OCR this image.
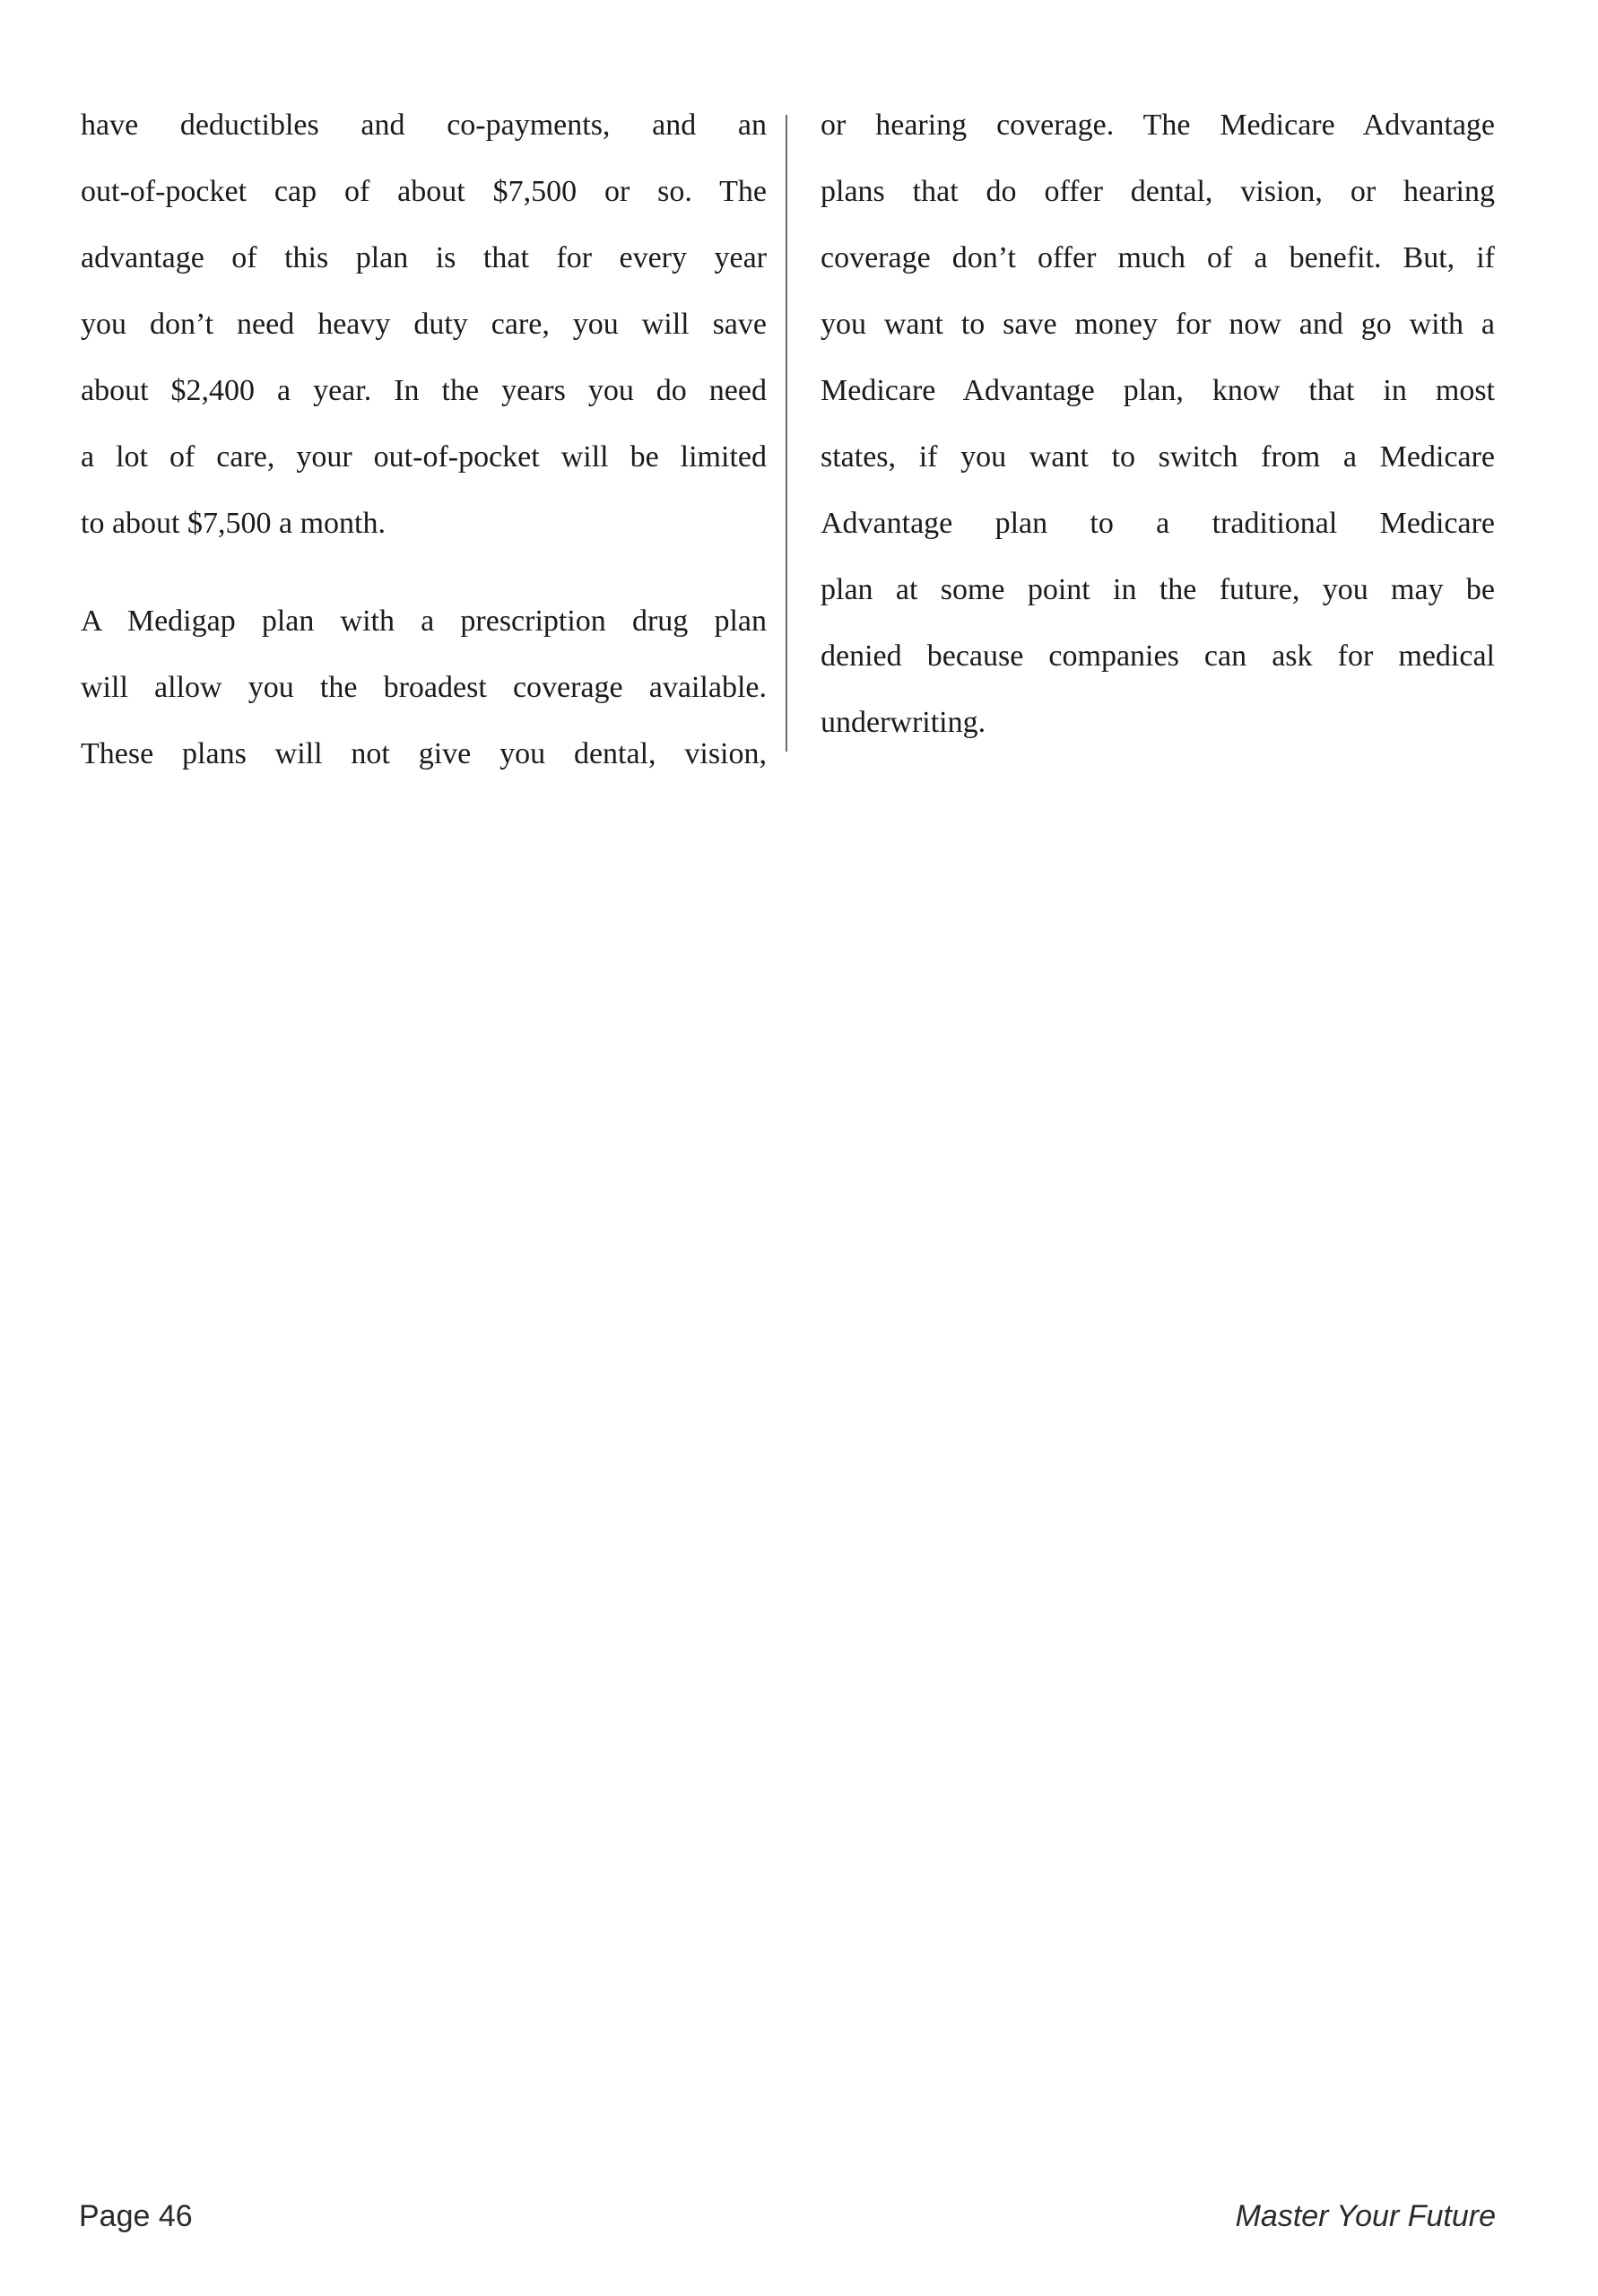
have deductibles and co-payments, and an
out-of-pocket cap of about $7,500 or so. The
advantage of this plan is that for every year
you don’t need heavy duty care, you will save
about $2,400 a year. In the years you do need
a lot of care, your out-of-pocket will be limited
to about $7,500 a month.

A Medigap plan with a prescription drug plan
will allow you the broadest coverage available.
These plans will not give you dental, vision,

or hearing coverage. The Medicare Advantage
plans that do offer dental, vision, or hearing
coverage don’t offer much of a benefit. But, if
you want to save money for now and go with a
Medicare Advantage plan, know that in most
states, if you want to switch from a Medicare
Advantage plan to a traditional Medicare
plan at some point in the future, you may be
denied because companies can ask for medical
underwriting.

Page 46	Master Your Future
